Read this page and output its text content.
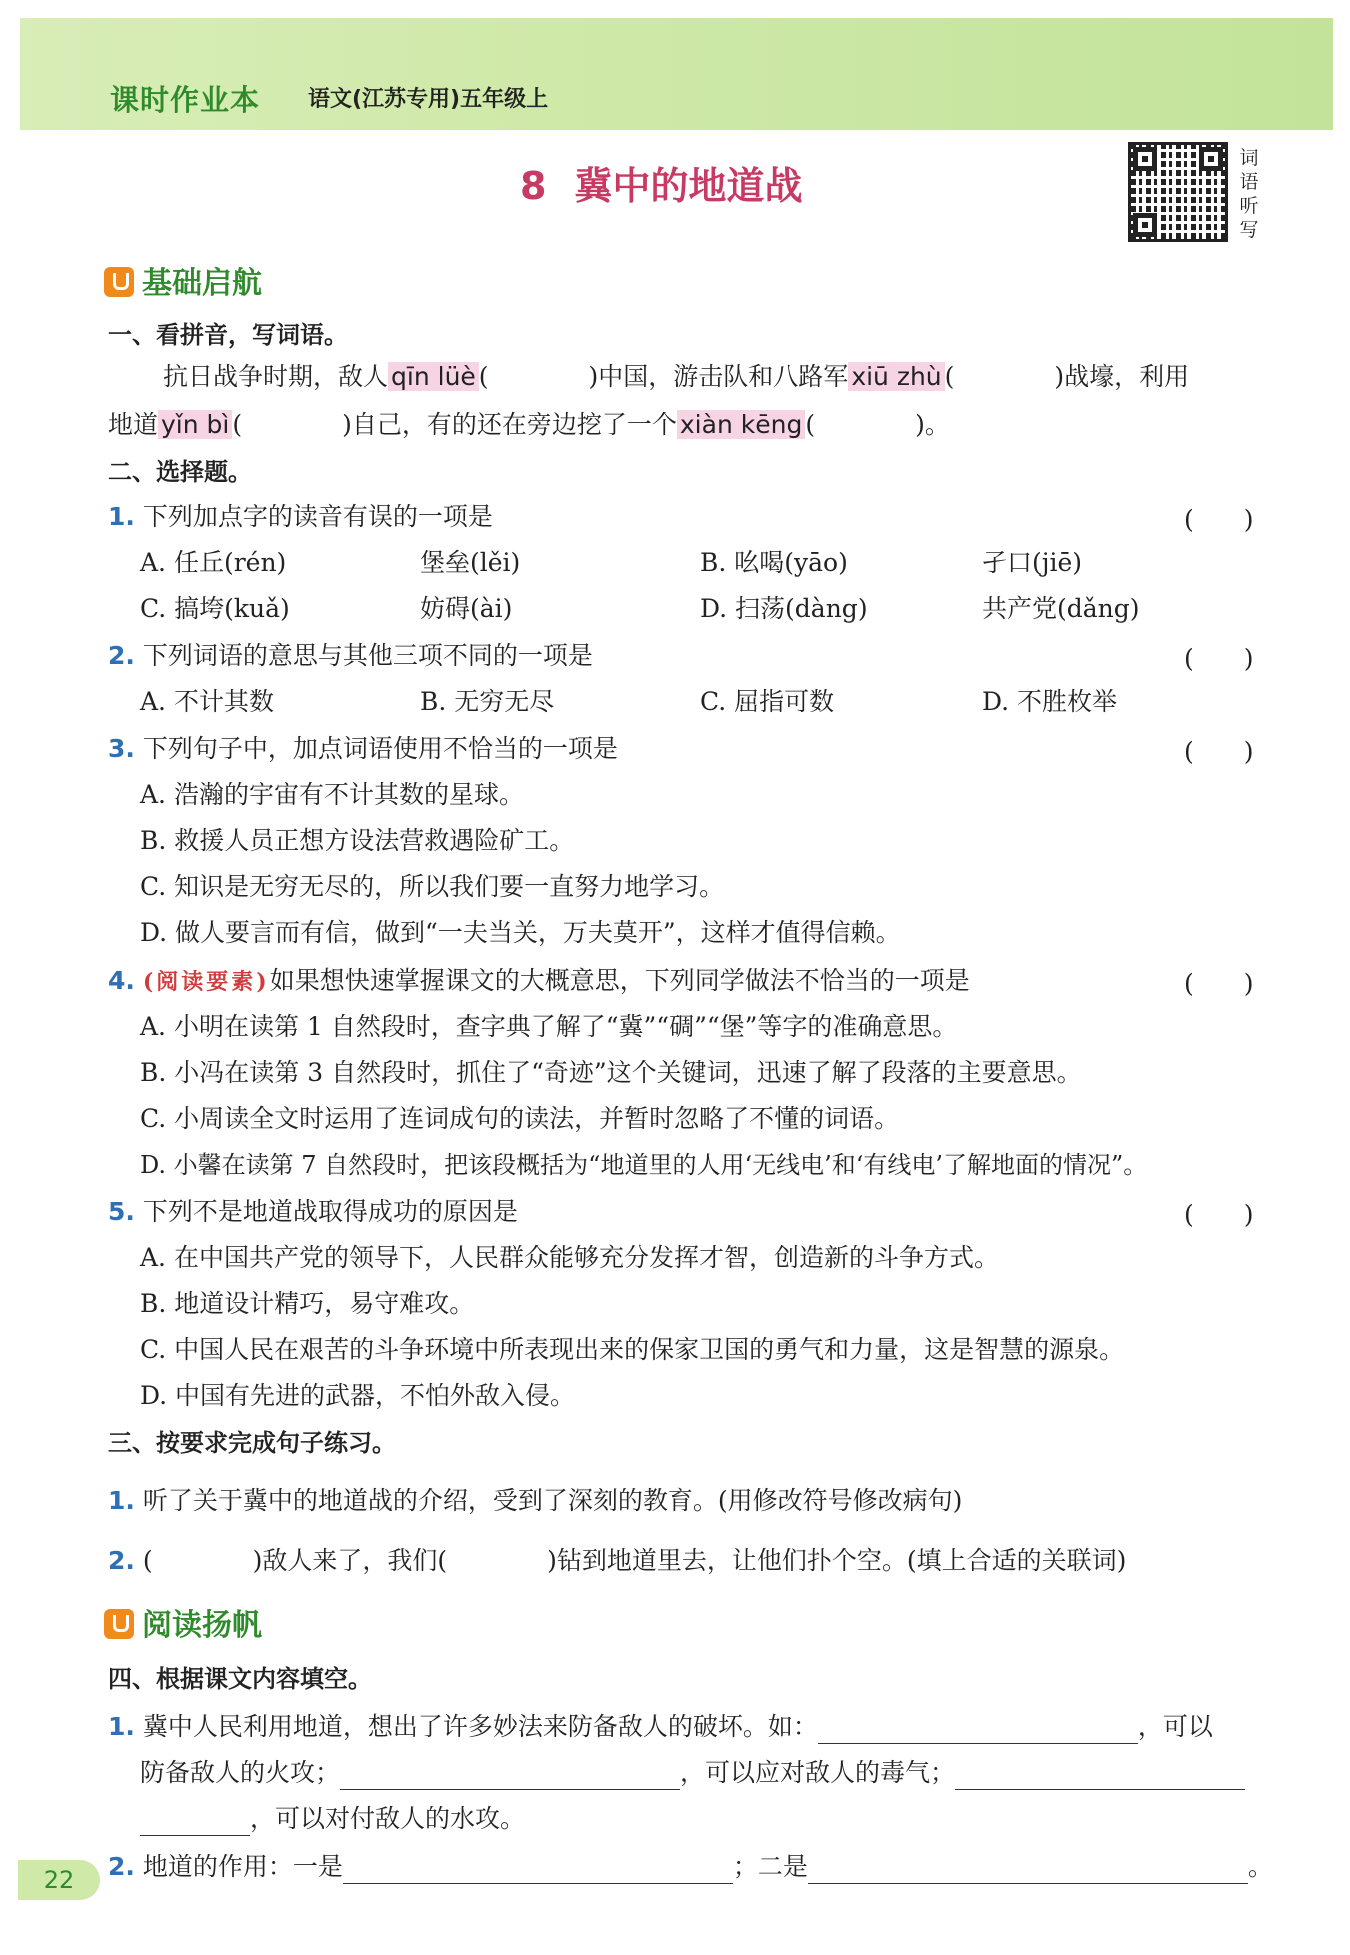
课时作业本 语文(江苏专用)五年级上
8 冀中的地道战
词
语
听
写
基础启航
一、看拼音，写词语。
抗日战争时期，敌人 qīn lüè (　　　　)中国，游击队和八路军 xiū zhù (　　　　)战壕，利用
地道 yǐn bì (　　　　)自己，有的还在旁边挖了一个 xiàn kēng (　　　　)。
二、选择题。
1. 下列加点字的读音有误的一项是	(　　)
A. 任丘(rén)	堡垒(lěi)	B. 吆喝(yāo)	孑口(jiē)
C. 搞垮(kuǎ)	妨碍(ài)	D. 扫荡(dàng)	共产党(dǎng)
2. 下列词语的意思与其他三项不同的一项是	(　　)
A. 不计其数	B. 无穷无尽	C. 屈指可数	D. 不胜枚举
3. 下列句子中，加点词语使用不恰当的一项是	(　　)
A. 浩瀚的宇宙有不计其数的星球。
B. 救援人员正想方设法营救遇险矿工。
C. 知识是无穷无尽的，所以我们要一直努力地学习。
D. 做人要言而有信，做到“一夫当关，万夫莫开”，这样才值得信赖。
4. (阅读要素)如果想快速掌握课文的大概意思，下列同学做法不恰当的一项是	(　　)
A. 小明在读第 1 自然段时，查字典了解了“冀”“碉”“堡”等字的准确意思。
B. 小冯在读第 3 自然段时，抓住了“奇迹”这个关键词，迅速了解了段落的主要意思。
C. 小周读全文时运用了连词成句的读法，并暂时忽略了不懂的词语。
D. 小馨在读第 7 自然段时，把该段概括为“地道里的人用‘无线电’和‘有线电’了解地面的情况”。
5. 下列不是地道战取得成功的原因是	(　　)
A. 在中国共产党的领导下，人民群众能够充分发挥才智，创造新的斗争方式。
B. 地道设计精巧，易守难攻。
C. 中国人民在艰苦的斗争环境中所表现出来的保家卫国的勇气和力量，这是智慧的源泉。
D. 中国有先进的武器，不怕外敌入侵。
三、按要求完成句子练习。
1. 听了关于冀中的地道战的介绍，受到了深刻的教育。(用修改符号修改病句)
2. (　　　　)敌人来了，我们(　　　　)钻到地道里去，让他们扑个空。(填上合适的关联词)
阅读扬帆
四、根据课文内容填空。
1. 冀中人民利用地道，想出了许多妙法来防备敌人的破坏。如：	，可以
防备敌人的火攻；	，可以应对敌人的毒气；
，可以对付敌人的水攻。
2. 地道的作用：一是	；二是	。
22
